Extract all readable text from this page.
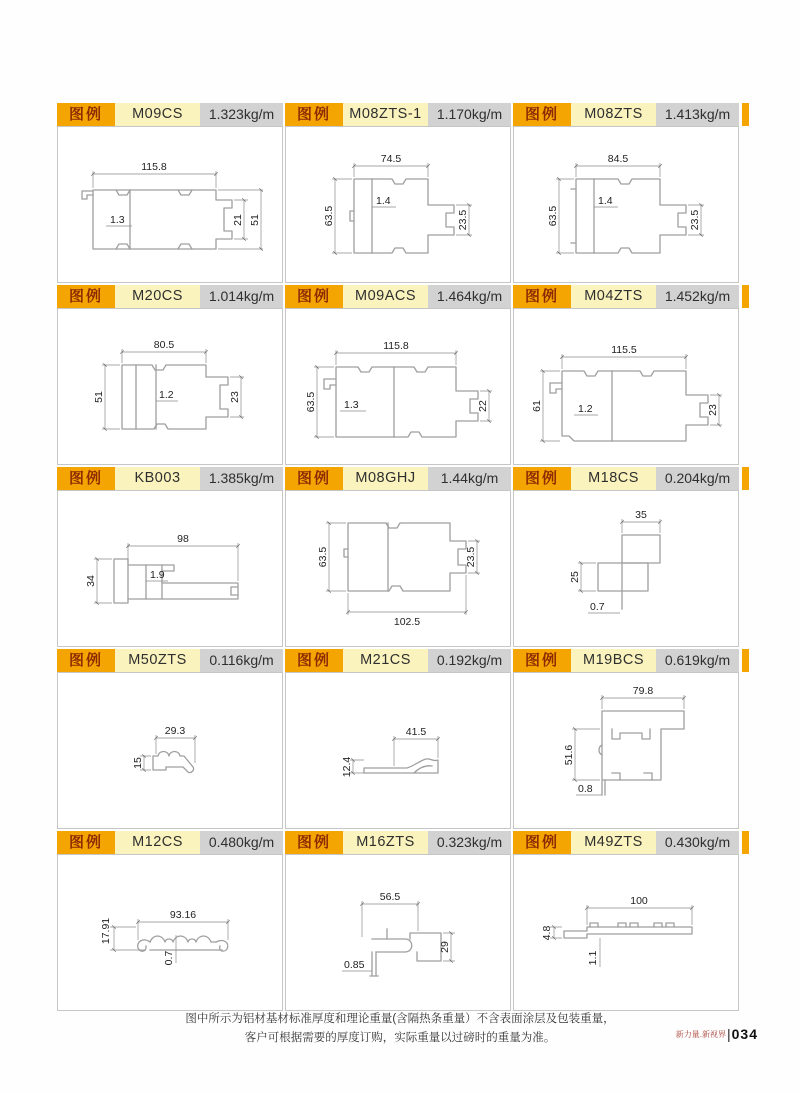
图例	M09CS	1.323kg/m
115.8
1.3	21 51
图例	M08ZTS-1	1.170kg/m
74.5
63.5
1.4
23.5
图例	M08ZTS	1.413kg/m
84.5
63.5
1.4
23.5
图例	M20CS	1.014kg/m
80.5
51	1.2	23
图例	M09ACS	1.464kg/m
115.8
63.5	1.3	22
图例	M04ZTS	1.452kg/m
115.5
61	1.2	23
图例	KB003	1.385kg/m
98
34	1.9
图例	M08GHJ	1.44kg/m
63.5	23.5
102.5
图例	M18CS	0.204kg/m
35
25
0.7
图例	M50ZTS	0.116kg/m
29.3
15
图例	M21CS	0.192kg/m
41.5
12.4
图例	M19BCS	0.619kg/m
79.8
51.6
0.8
图例	M12CS	0.480kg/m
93.16
17.91
0.7
图例	M16ZTS	0.323kg/m
56.5
29
0.85
图例	M49ZTS	0.430kg/m
100
4.8
1.1
图中所示为铝材基材标准厚度和理论重量(含隔热条重量）不含表面涂层及包装重量，
客户可根据需要的厚度订购，实际重量以过磅时的重量为准。	新力量.新视界 | 034
